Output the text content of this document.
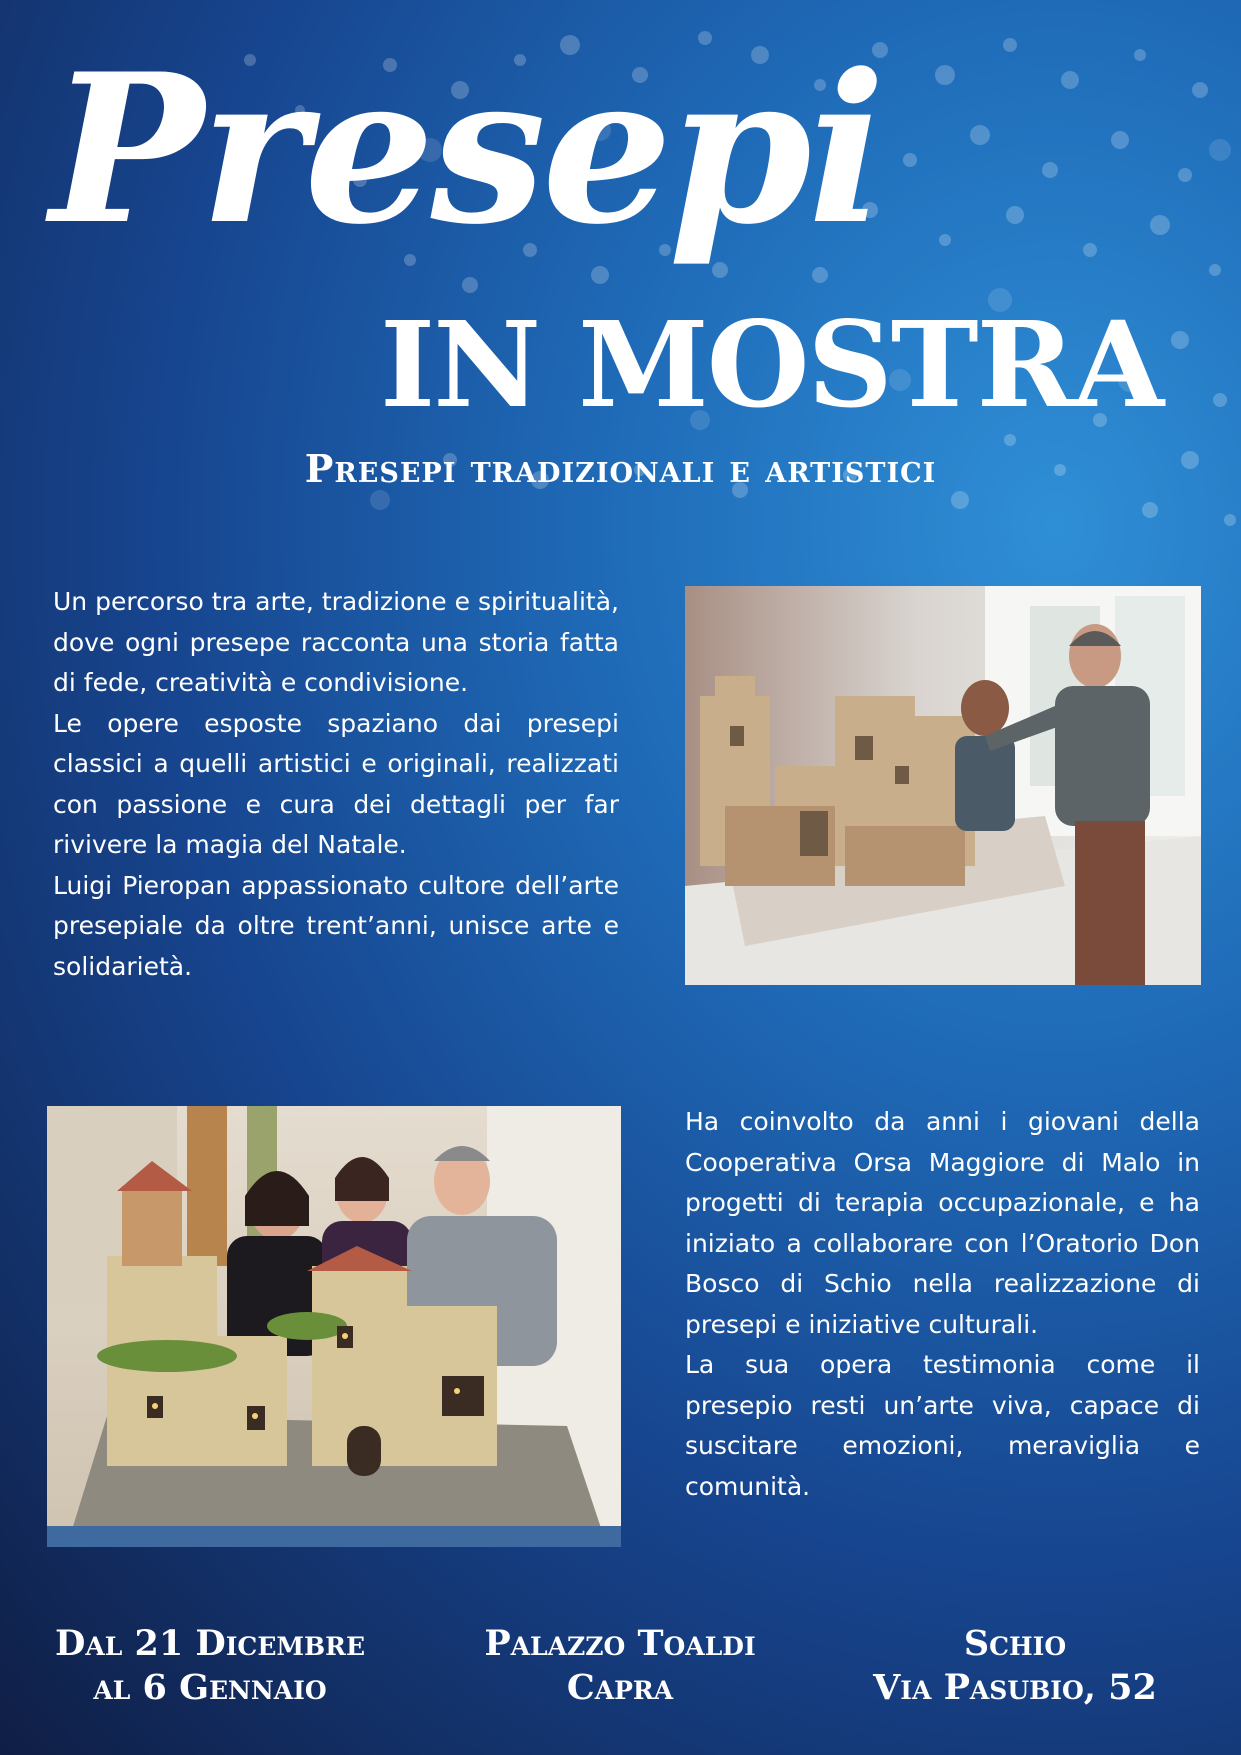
Presepi
IN MOSTRA
Presepi tradizionali e artistici

Un percorso tra arte, tradizione e spiritualità, dove ogni presepe racconta una storia fatta di fede, creatività e condivisione.

Le opere esposte spaziano dai presepi classici a quelli artistici e originali, realizzati con passione e cura dei dettagli per far rivivere la magia del Natale.

Luigi Pieropan appassionato cultore dell’arte presepiale da oltre trent’anni, unisce arte e solidarietà.

Ha coinvolto da anni i giovani della Cooperativa Orsa Maggiore di Malo in progetti di terapia occupazionale, e ha iniziato a collaborare con l’Oratorio Don Bosco di Schio nella realizzazione di presepi e iniziative culturali.

La sua opera testimonia come il presepio resti un’arte viva, capace di suscitare emozioni, meraviglia e comunità.

Dal 21 Dicembre
al 6 Gennaio
Palazzo Toaldi
Capra
Schio
Via Pasubio, 52
